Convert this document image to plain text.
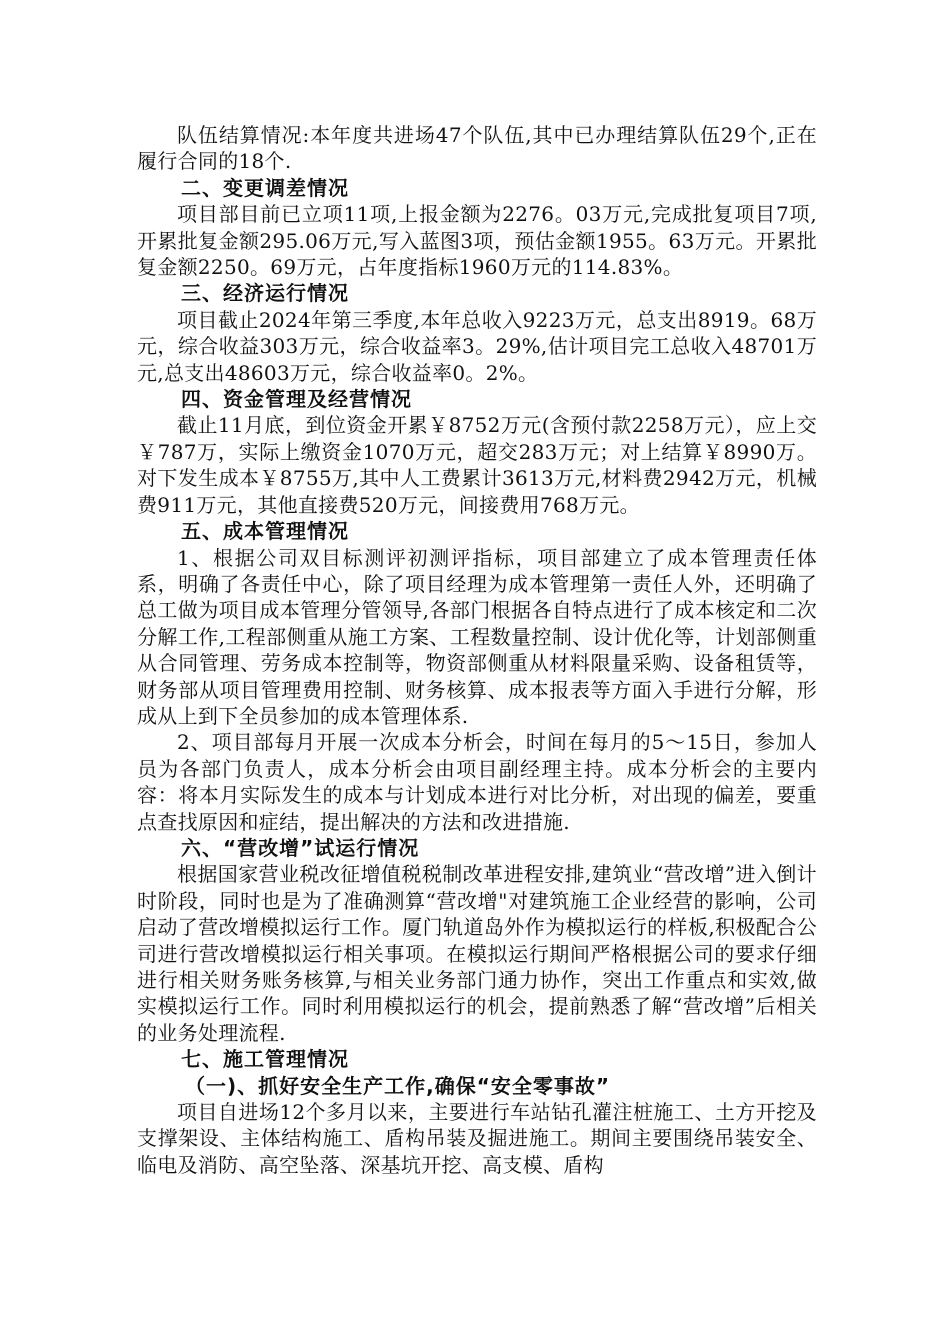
队伍结算情况:本年度共进场47个队伍,其中已办理结算队伍29个,正在履行合同的18个.

二、变更调差情况

项目部目前已立项11项,上报金额为2276。03万元,完成批复项目7项,开累批复金额295.06万元,写入蓝图3项，预估金额1955。63万元。开累批复金额2250。69万元，占年度指标1960万元的114.83%。

三、经济运行情况

项目截止2024年第三季度,本年总收入9223万元，总支出8919。68万元，综合收益303万元，综合收益率3。29%,估计项目完工总收入48701万元,总支出48603万元，综合收益率0。2%。

四、资金管理及经营情况

截止11月底，到位资金开累￥8752万元(含预付款2258万元），应上交￥787万，实际上缴资金1070万元，超交283万元；对上结算￥8990万。对下发生成本￥8755万,其中人工费累计3613万元,材料费2942万元，机械费911万元，其他直接费520万元，间接费用768万元。

五、成本管理情况

1、根据公司双目标测评初测评指标，项目部建立了成本管理责任体系，明确了各责任中心，除了项目经理为成本管理第一责任人外，还明确了总工做为项目成本管理分管领导,各部门根据各自特点进行了成本核定和二次分解工作,工程部侧重从施工方案、工程数量控制、设计优化等，计划部侧重从合同管理、劳务成本控制等，物资部侧重从材料限量采购、设备租赁等，财务部从项目管理费用控制、财务核算、成本报表等方面入手进行分解，形成从上到下全员参加的成本管理体系.

2、项目部每月开展一次成本分析会，时间在每月的5～15日，参加人员为各部门负责人，成本分析会由项目副经理主持。成本分析会的主要内容：将本月实际发生的成本与计划成本进行对比分析，对出现的偏差，要重点查找原因和症结，提出解决的方法和改进措施.

六、“营改增”试运行情况

根据国家营业税改征增值税税制改革进程安排,建筑业“营改增”进入倒计时阶段，同时也是为了准确测算“营改增"对建筑施工企业经营的影响，公司启动了营改增模拟运行工作。厦门轨道岛外作为模拟运行的样板,积极配合公司进行营改增模拟运行相关事项。在模拟运行期间严格根据公司的要求仔细进行相关财务账务核算,与相关业务部门通力协作，突出工作重点和实效,做实模拟运行工作。同时利用模拟运行的机会，提前熟悉了解“营改增”后相关的业务处理流程.

七、施工管理情况

（一)、抓好安全生产工作,确保“安全零事故”

项目自进场12个多月以来，主要进行车站钻孔灌注桩施工、土方开挖及支撑架设、主体结构施工、盾构吊装及掘进施工。期间主要围绕吊装安全、临电及消防、高空坠落、深基坑开挖、高支模、盾构
